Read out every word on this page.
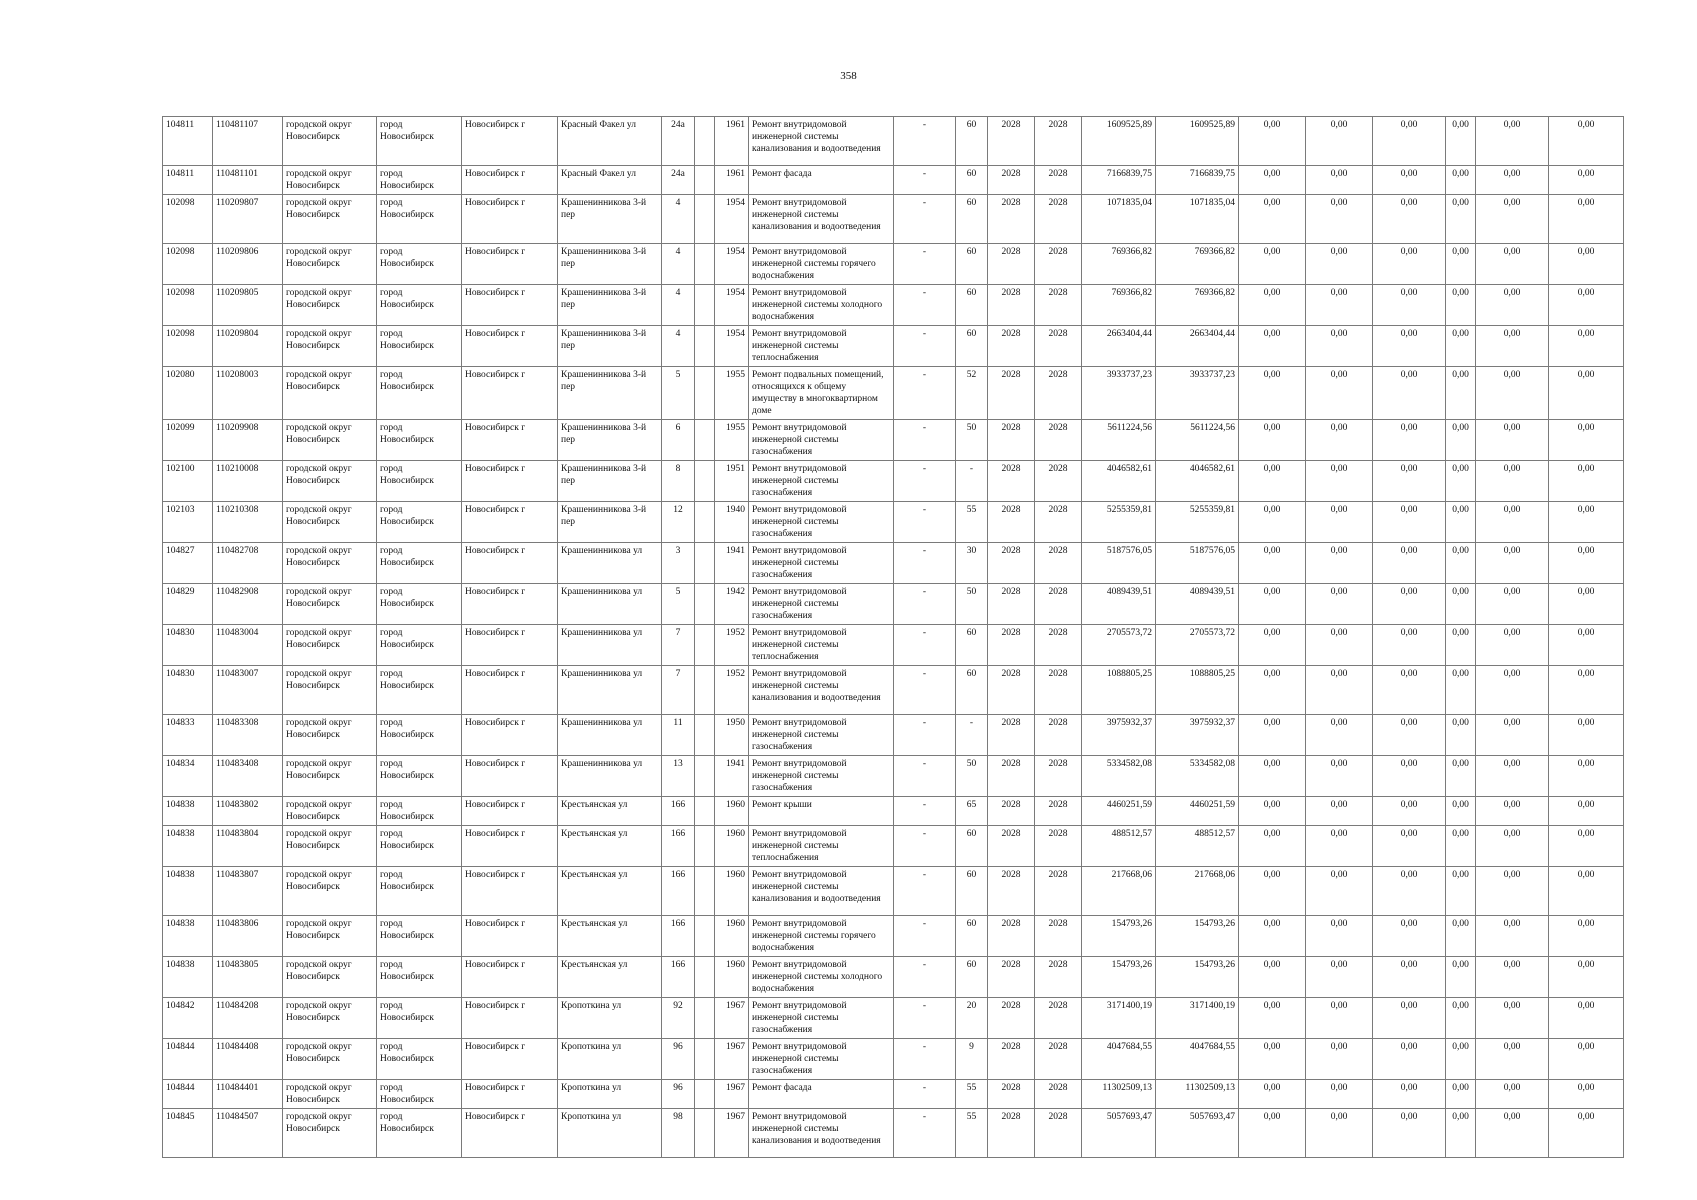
358
104811	110481107	городской округ Новосибирск	город Новосибирск	Новосибирск г	Красный Факел ул	24а		1961	Ремонт внутридомовой инженерной системы канализования и водоотведения	-	60	2028	2028	1609525,89	1609525,89	0,00	0,00	0,00	0,00	0,00	0,00
104811	110481101	городской округ Новосибирск	город Новосибирск	Новосибирск г	Красный Факел ул	24а		1961	Ремонт фасада	-	60	2028	2028	7166839,75	7166839,75	0,00	0,00	0,00	0,00	0,00	0,00
102098	110209807	городской округ Новосибирск	город Новосибирск	Новосибирск г	Крашенинникова 3-й пер	4		1954	Ремонт внутридомовой инженерной системы канализования и водоотведения	-	60	2028	2028	1071835,04	1071835,04	0,00	0,00	0,00	0,00	0,00	0,00
102098	110209806	городской округ Новосибирск	город Новосибирск	Новосибирск г	Крашенинникова 3-й пер	4		1954	Ремонт внутридомовой инженерной системы горячего водоснабжения	-	60	2028	2028	769366,82	769366,82	0,00	0,00	0,00	0,00	0,00	0,00
102098	110209805	городской округ Новосибирск	город Новосибирск	Новосибирск г	Крашенинникова 3-й пер	4		1954	Ремонт внутридомовой инженерной системы холодного водоснабжения	-	60	2028	2028	769366,82	769366,82	0,00	0,00	0,00	0,00	0,00	0,00
102098	110209804	городской округ Новосибирск	город Новосибирск	Новосибирск г	Крашенинникова 3-й пер	4		1954	Ремонт внутридомовой инженерной системы теплоснабжения	-	60	2028	2028	2663404,44	2663404,44	0,00	0,00	0,00	0,00	0,00	0,00
102080	110208003	городской округ Новосибирск	город Новосибирск	Новосибирск г	Крашенинникова 3-й пер	5		1955	Ремонт подвальных помещений, относящихся к общему имуществу в многоквартирном доме	-	52	2028	2028	3933737,23	3933737,23	0,00	0,00	0,00	0,00	0,00	0,00
102099	110209908	городской округ Новосибирск	город Новосибирск	Новосибирск г	Крашенинникова 3-й пер	6		1955	Ремонт внутридомовой инженерной системы газоснабжения	-	50	2028	2028	5611224,56	5611224,56	0,00	0,00	0,00	0,00	0,00	0,00
102100	110210008	городской округ Новосибирск	город Новосибирск	Новосибирск г	Крашенинникова 3-й пер	8		1951	Ремонт внутридомовой инженерной системы газоснабжения	-	-	2028	2028	4046582,61	4046582,61	0,00	0,00	0,00	0,00	0,00	0,00
102103	110210308	городской округ Новосибирск	город Новосибирск	Новосибирск г	Крашенинникова 3-й пер	12		1940	Ремонт внутридомовой инженерной системы газоснабжения	-	55	2028	2028	5255359,81	5255359,81	0,00	0,00	0,00	0,00	0,00	0,00
104827	110482708	городской округ Новосибирск	город Новосибирск	Новосибирск г	Крашенинникова ул	3		1941	Ремонт внутридомовой инженерной системы газоснабжения	-	30	2028	2028	5187576,05	5187576,05	0,00	0,00	0,00	0,00	0,00	0,00
104829	110482908	городской округ Новосибирск	город Новосибирск	Новосибирск г	Крашенинникова ул	5		1942	Ремонт внутридомовой инженерной системы газоснабжения	-	50	2028	2028	4089439,51	4089439,51	0,00	0,00	0,00	0,00	0,00	0,00
104830	110483004	городской округ Новосибирск	город Новосибирск	Новосибирск г	Крашенинникова ул	7		1952	Ремонт внутридомовой инженерной системы теплоснабжения	-	60	2028	2028	2705573,72	2705573,72	0,00	0,00	0,00	0,00	0,00	0,00
104830	110483007	городской округ Новосибирск	город Новосибирск	Новосибирск г	Крашенинникова ул	7		1952	Ремонт внутридомовой инженерной системы канализования и водоотведения	-	60	2028	2028	1088805,25	1088805,25	0,00	0,00	0,00	0,00	0,00	0,00
104833	110483308	городской округ Новосибирск	город Новосибирск	Новосибирск г	Крашенинникова ул	11		1950	Ремонт внутридомовой инженерной системы газоснабжения	-	-	2028	2028	3975932,37	3975932,37	0,00	0,00	0,00	0,00	0,00	0,00
104834	110483408	городской округ Новосибирск	город Новосибирск	Новосибирск г	Крашенинникова ул	13		1941	Ремонт внутридомовой инженерной системы газоснабжения	-	50	2028	2028	5334582,08	5334582,08	0,00	0,00	0,00	0,00	0,00	0,00
104838	110483802	городской округ Новосибирск	город Новосибирск	Новосибирск г	Крестьянская ул	166		1960	Ремонт крыши	-	65	2028	2028	4460251,59	4460251,59	0,00	0,00	0,00	0,00	0,00	0,00
104838	110483804	городской округ Новосибирск	город Новосибирск	Новосибирск г	Крестьянская ул	166		1960	Ремонт внутридомовой инженерной системы теплоснабжения	-	60	2028	2028	488512,57	488512,57	0,00	0,00	0,00	0,00	0,00	0,00
104838	110483807	городской округ Новосибирск	город Новосибирск	Новосибирск г	Крестьянская ул	166		1960	Ремонт внутридомовой инженерной системы канализования и водоотведения	-	60	2028	2028	217668,06	217668,06	0,00	0,00	0,00	0,00	0,00	0,00
104838	110483806	городской округ Новосибирск	город Новосибирск	Новосибирск г	Крестьянская ул	166		1960	Ремонт внутридомовой инженерной системы горячего водоснабжения	-	60	2028	2028	154793,26	154793,26	0,00	0,00	0,00	0,00	0,00	0,00
104838	110483805	городской округ Новосибирск	город Новосибирск	Новосибирск г	Крестьянская ул	166		1960	Ремонт внутридомовой инженерной системы холодного водоснабжения	-	60	2028	2028	154793,26	154793,26	0,00	0,00	0,00	0,00	0,00	0,00
104842	110484208	городской округ Новосибирск	город Новосибирск	Новосибирск г	Кропоткина ул	92		1967	Ремонт внутридомовой инженерной системы газоснабжения	-	20	2028	2028	3171400,19	3171400,19	0,00	0,00	0,00	0,00	0,00	0,00
104844	110484408	городской округ Новосибирск	город Новосибирск	Новосибирск г	Кропоткина ул	96		1967	Ремонт внутридомовой инженерной системы газоснабжения	-	9	2028	2028	4047684,55	4047684,55	0,00	0,00	0,00	0,00	0,00	0,00
104844	110484401	городской округ Новосибирск	город Новосибирск	Новосибирск г	Кропоткина ул	96		1967	Ремонт фасада	-	55	2028	2028	11302509,13	11302509,13	0,00	0,00	0,00	0,00	0,00	0,00
104845	110484507	городской округ Новосибирск	город Новосибирск	Новосибирск г	Кропоткина ул	98		1967	Ремонт внутридомовой инженерной системы канализования и водоотведения	-	55	2028	2028	5057693,47	5057693,47	0,00	0,00	0,00	0,00	0,00	0,00
